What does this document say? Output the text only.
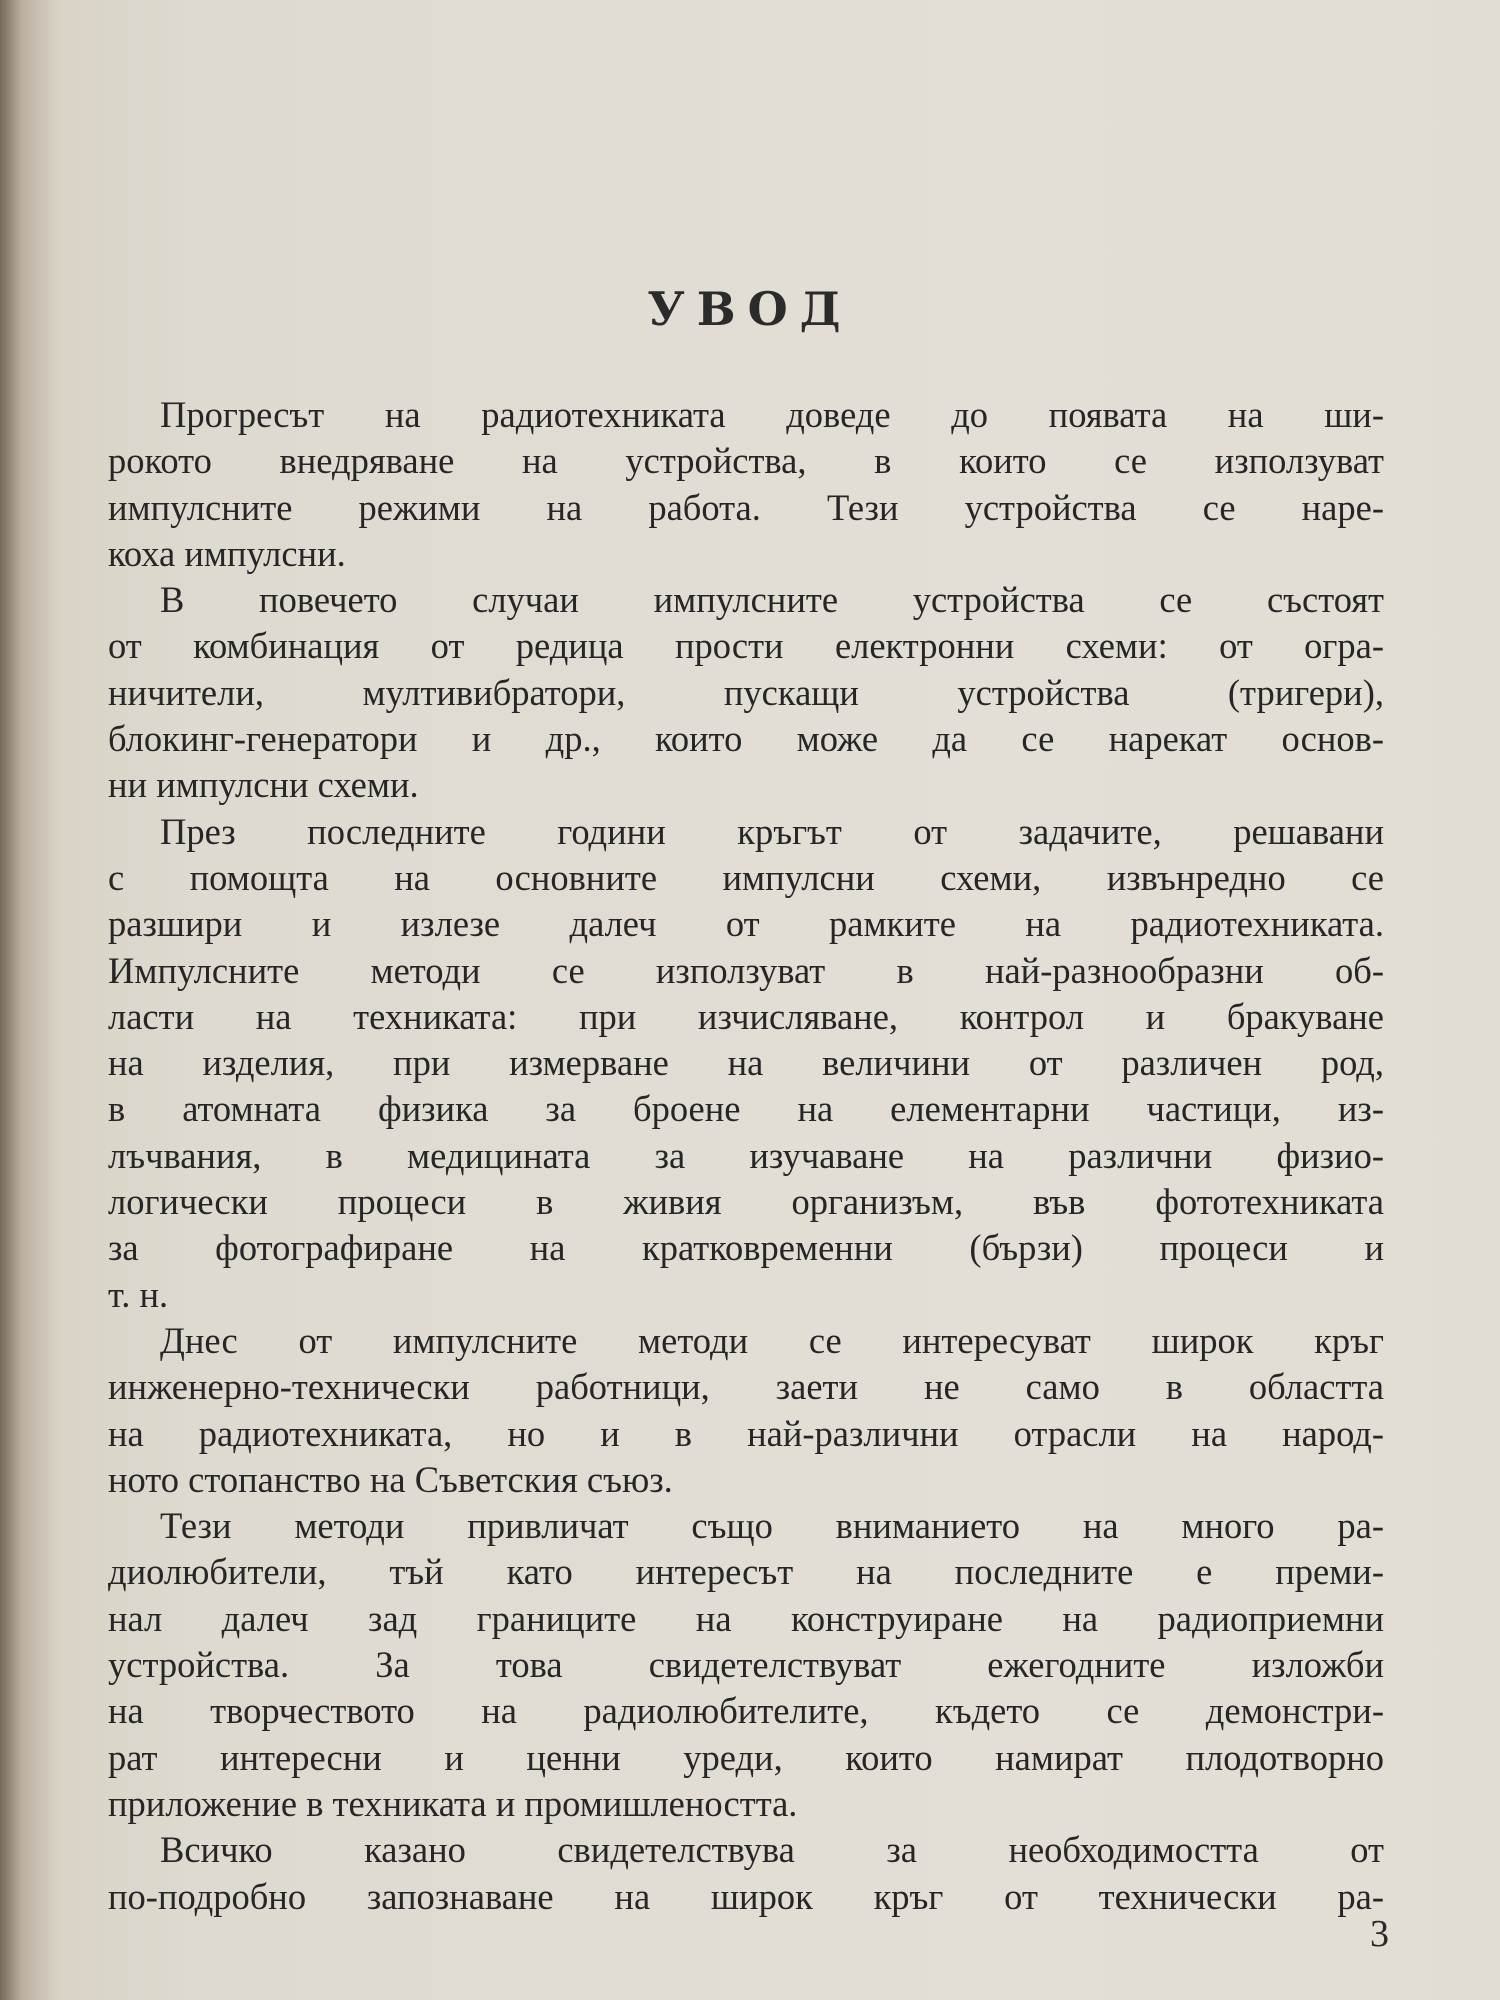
УВОД
Прогресът на радиотехниката доведе до появата на ши-
рокото внедряване на устройства, в които се използуват
импулсните режими на работа. Тези устройства се наре-
коха импулсни.
В повечето случаи импулсните устройства се състоят
от комбинация от редица прости електронни схеми: от огра-
ничители, мултивибратори, пускащи устройства (тригери),
блокинг-генератори и др., които може да се нарекат основ-
ни импулсни схеми.
През последните години кръгът от задачите, решавани
с помощта на основните импулсни схеми, извънредно се
разшири и излезе далеч от рамките на радиотехниката.
Импулсните методи се използуват в най-разнообразни об-
ласти на техниката: при изчисляване, контрол и бракуване
на изделия, при измерване на величини от различен род,
в атомната физика за броене на елементарни частици, из-
лъчвания, в медицината за изучаване на различни физио-
логически процеси в живия организъм, във фототехниката
за фотографиране на кратковременни (бързи) процеси и
т. н.
Днес от импулсните методи се интересуват широк кръг
инженерно-технически работници, заети не само в областта
на радиотехниката, но и в най-различни отрасли на народ-
ното стопанство на Съветския съюз.
Тези методи привличат също вниманието на много ра-
диолюбители, тъй като интересът на последните е преми-
нал далеч зад границите на конструиране на радиоприемни
устройства. За това свидетелствуват ежегодните изложби
на творчеството на радиолюбителите, където се демонстри-
рат интересни и ценни уреди, които намират плодотворно
приложение в техниката и промишлеността.
Всичко казано свидетелствува за необходимостта от
по-подробно запознаване на широк кръг от технически ра-
3
